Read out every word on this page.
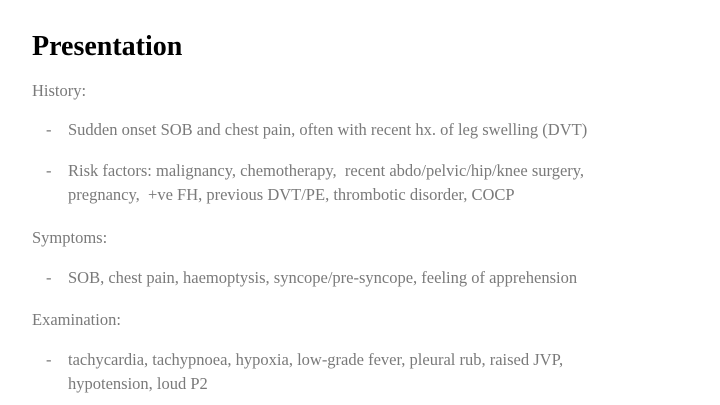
Presentation
History:
- Sudden onset SOB and chest pain, often with recent hx. of leg swelling (DVT)
- Risk factors: malignancy, chemotherapy,  recent abdo/pelvic/hip/knee surgery, pregnancy,  +ve FH, previous DVT/PE, thrombotic disorder, COCP
Symptoms:
- SOB, chest pain, haemoptysis, syncope/pre-syncope, feeling of apprehension
Examination:
- tachycardia, tachypnoea, hypoxia, low-grade fever, pleural rub, raised JVP, hypotension, loud P2
